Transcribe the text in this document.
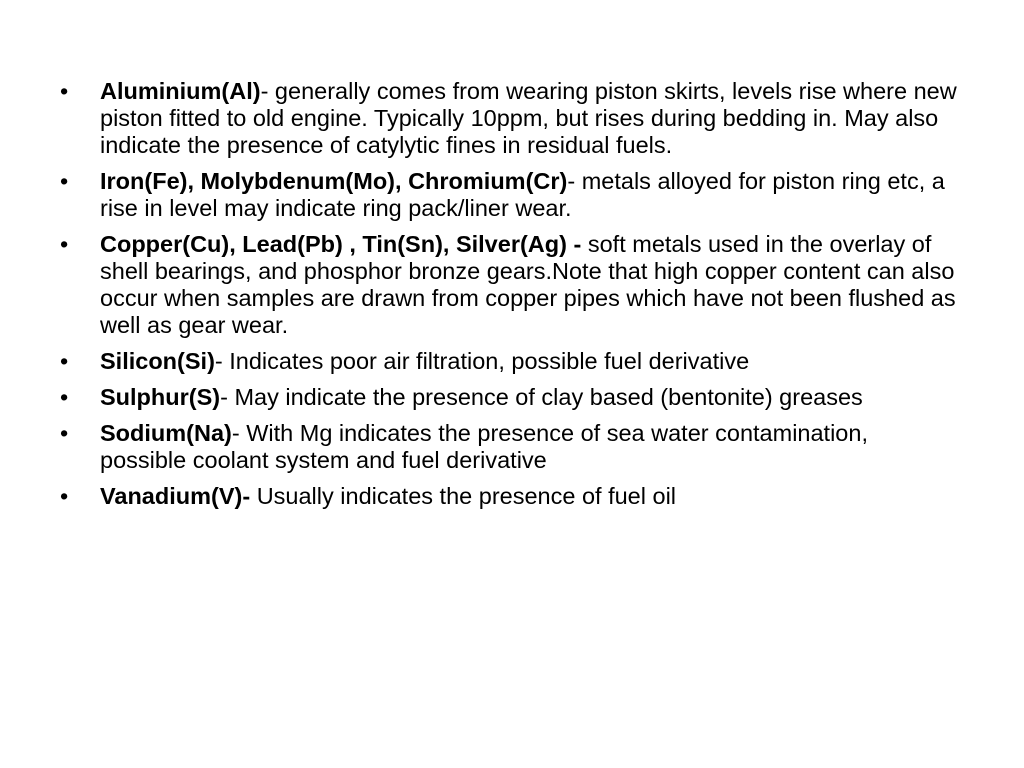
•	Aluminium(Al)- generally comes from wearing piston skirts, levels rise where new piston fitted to old engine. Typically 10ppm, but rises during bedding in. May also indicate the presence of catylytic fines in residual fuels.
•	Iron(Fe), Molybdenum(Mo), Chromium(Cr)- metals alloyed for piston ring etc, a rise in level may indicate ring pack/liner wear.
•	Copper(Cu), Lead(Pb) , Tin(Sn), Silver(Ag) - soft metals used in the overlay of shell bearings, and phosphor bronze gears.Note that high copper content can also occur when samples are drawn from copper pipes which have not been flushed as well as gear wear.
•	Silicon(Si)- Indicates poor air filtration, possible fuel derivative
•	Sulphur(S)- May indicate the presence of clay based (bentonite) greases
•	Sodium(Na)- With Mg indicates the presence of sea water contamination, possible coolant system and fuel derivative
•	Vanadium(V)- Usually indicates the presence of fuel oil
